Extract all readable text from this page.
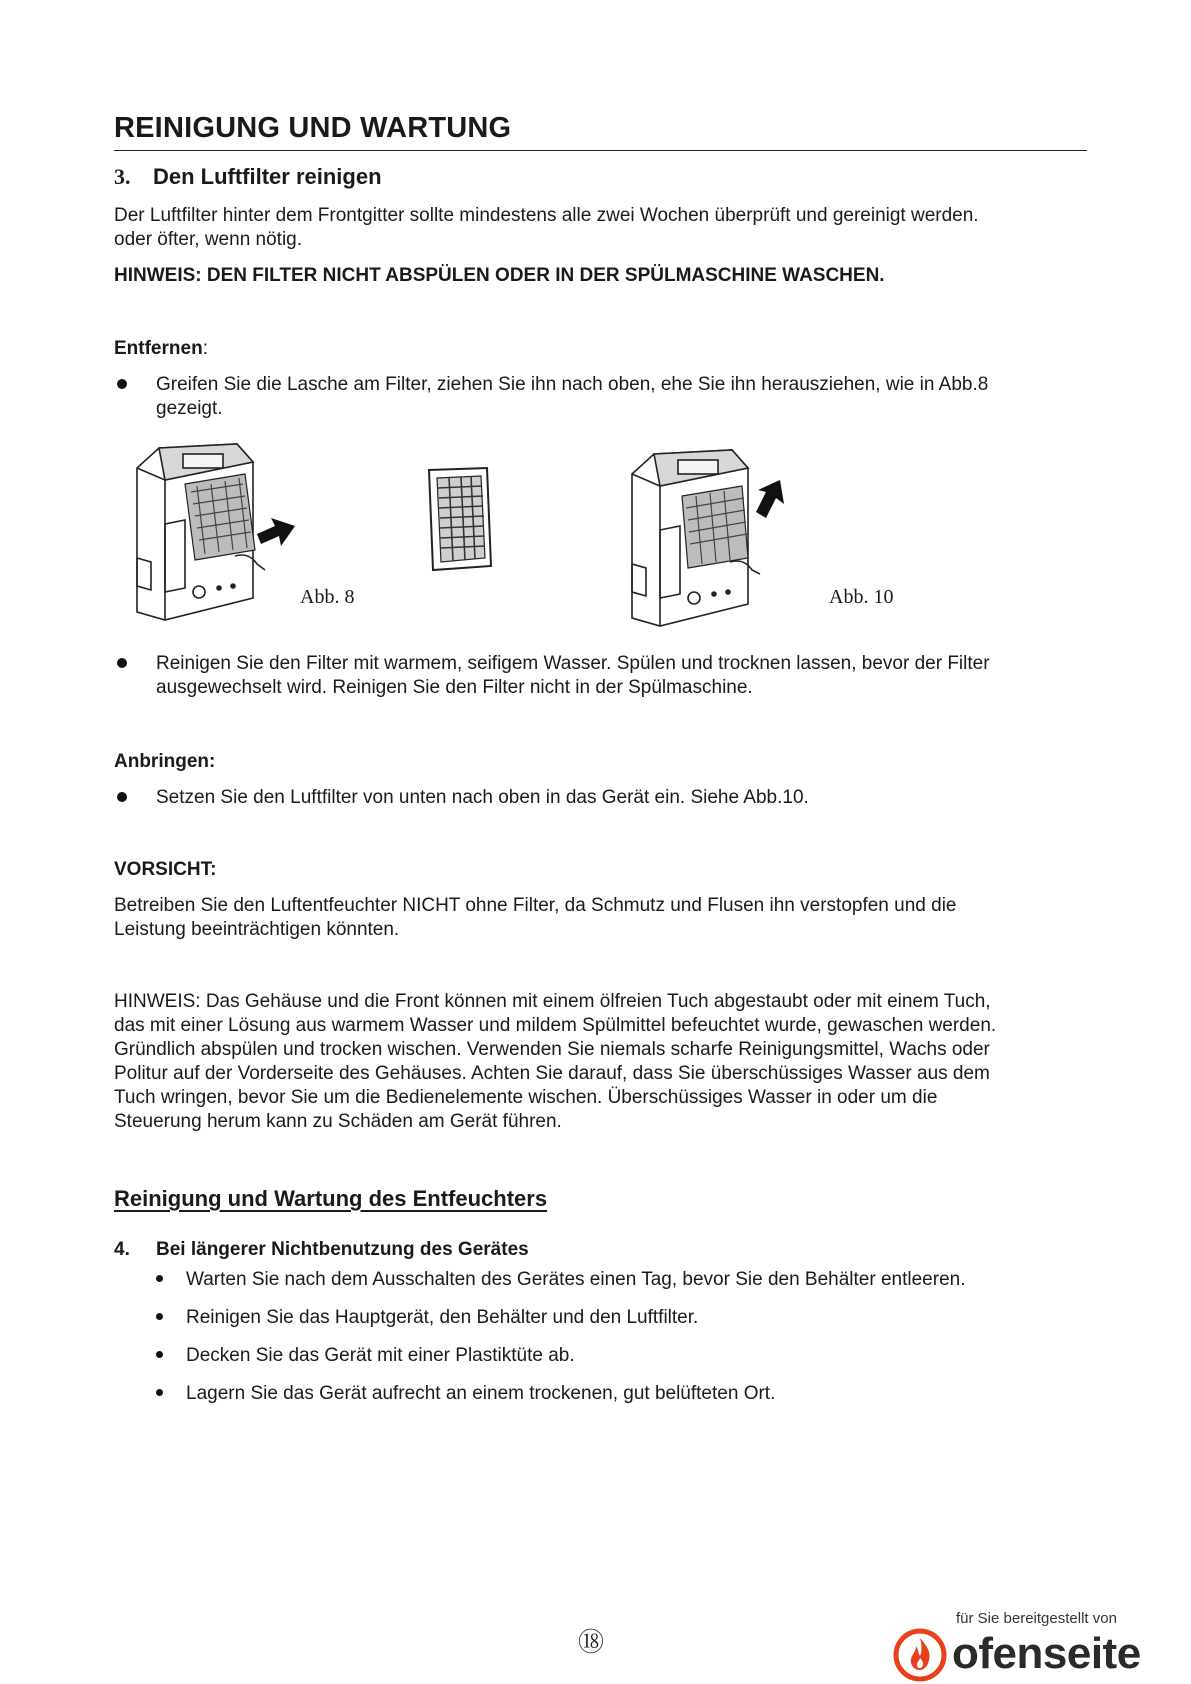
REINIGUNG UND WARTUNG
3. Den Luftfilter reinigen
Der Luftfilter hinter dem Frontgitter sollte mindestens alle zwei Wochen überprüft und gereinigt werden.
oder öfter, wenn nötig.
HINWEIS: DEN FILTER NICHT ABSPÜLEN ODER IN DER SPÜLMASCHINE WASCHEN.
Entfernen:
Greifen Sie die Lasche am Filter, ziehen Sie ihn nach oben, ehe Sie ihn herausziehen, wie in Abb.8
gezeigt.
Abb. 8	Abb. 10
Reinigen Sie den Filter mit warmem, seifigem Wasser. Spülen und trocknen lassen, bevor der Filter
ausgewechselt wird. Reinigen Sie den Filter nicht in der Spülmaschine.
Anbringen:
Setzen Sie den Luftfilter von unten nach oben in das Gerät ein. Siehe Abb.10.
VORSICHT:
Betreiben Sie den Luftentfeuchter NICHT ohne Filter, da Schmutz und Flusen ihn verstopfen und die
Leistung beeinträchtigen könnten.
HINWEIS: Das Gehäuse und die Front können mit einem ölfreien Tuch abgestaubt oder mit einem Tuch,
das mit einer Lösung aus warmem Wasser und mildem Spülmittel befeuchtet wurde, gewaschen werden.
Gründlich abspülen und trocken wischen. Verwenden Sie niemals scharfe Reinigungsmittel, Wachs oder
Politur auf der Vorderseite des Gehäuses. Achten Sie darauf, dass Sie überschüssiges Wasser aus dem
Tuch wringen, bevor Sie um die Bedienelemente wischen. Überschüssiges Wasser in oder um die
Steuerung herum kann zu Schäden am Gerät führen.
Reinigung und Wartung des Entfeuchters
4. Bei längerer Nichtbenutzung des Gerätes
Warten Sie nach dem Ausschalten des Gerätes einen Tag, bevor Sie den Behälter entleeren.
Reinigen Sie das Hauptgerät, den Behälter und den Luftfilter.
Decken Sie das Gerät mit einer Plastiktüte ab.
Lagern Sie das Gerät aufrecht an einem trockenen, gut belüfteten Ort.
⑱
für Sie bereitgestellt von
ofenseite
